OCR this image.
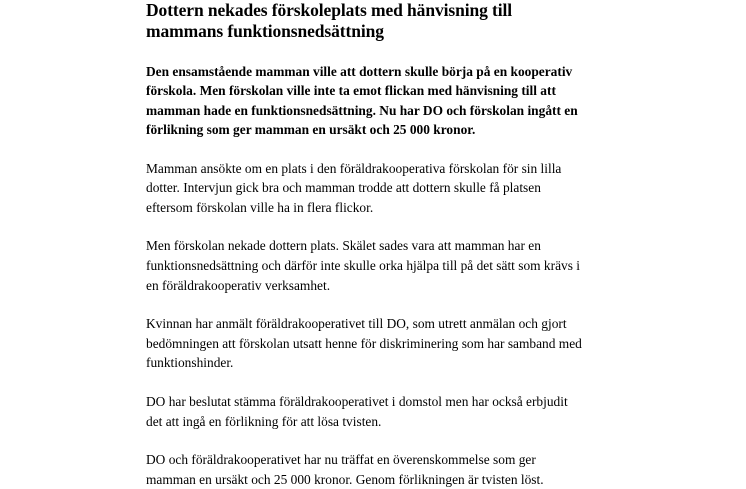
Dottern nekades förskoleplats med hänvisning till mammans funktionsnedsättning

Den ensamstående mamman ville att dottern skulle börja på en kooperativ förskola. Men förskolan ville inte ta emot flickan med hänvisning till att mamman hade en funktionsnedsättning. Nu har DO och förskolan ingått en förlikning som ger mamman en ursäkt och 25 000 kronor.

Mamman ansökte om en plats i den föräldrakooperativa förskolan för sin lilla dotter. Intervjun gick bra och mamman trodde att dottern skulle få platsen eftersom förskolan ville ha in flera flickor.

Men förskolan nekade dottern plats. Skälet sades vara att mamman har en funktionsnedsättning och därför inte skulle orka hjälpa till på det sätt som krävs i en föräldrakooperativ verksamhet.

Kvinnan har anmält föräldrakooperativet till DO, som utrett anmälan och gjort bedömningen att förskolan utsatt henne för diskriminering som har samband med funktionshinder.

DO har beslutat stämma föräldrakooperativet i domstol men har också erbjudit det att ingå en förlikning för att lösa tvisten.

DO och föräldrakooperativet har nu träffat en överenskommelse som ger mamman en ursäkt och 25 000 kronor. Genom förlikningen är tvisten löst.
